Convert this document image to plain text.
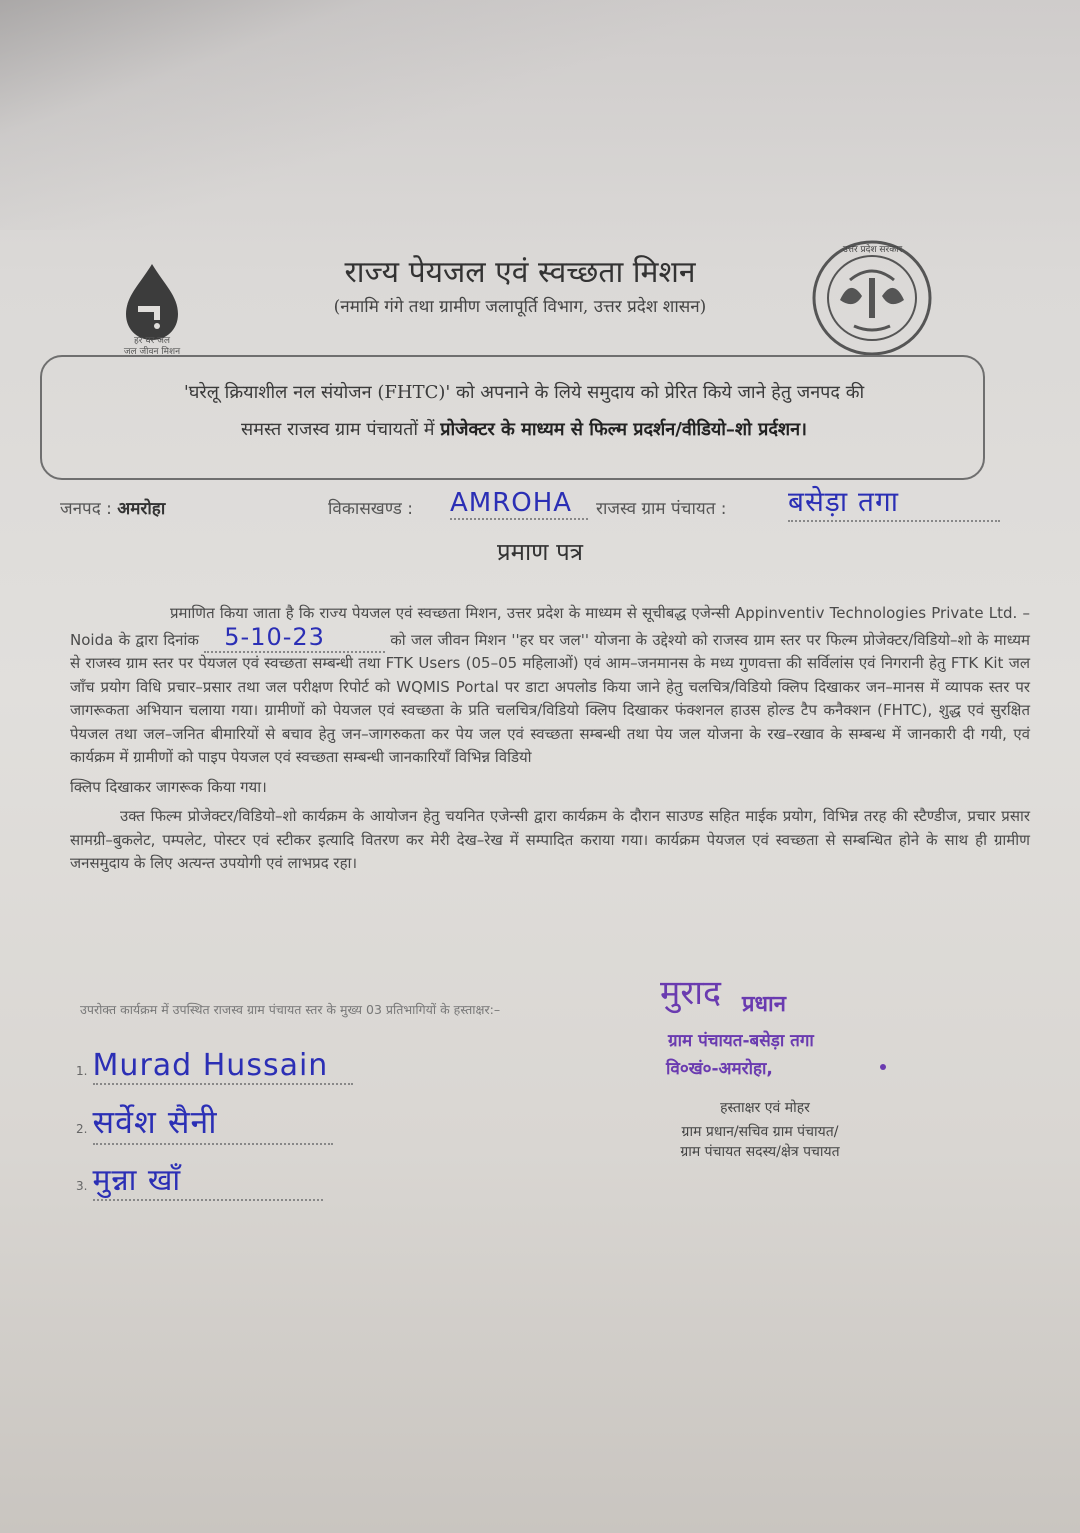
हर घर जल
जल जीवन मिशन
उत्तर प्रदेश सरकार
राज्य पेयजल एवं स्वच्छता मिशन
(नमामि गंगे तथा ग्रामीण जलापूर्ति विभाग, उत्तर प्रदेश शासन)
'घरेलू क्रियाशील नल संयोजन (FHTC)' को अपनाने के लिये समुदाय को प्रेरित किये जाने हेतु जनपद की
समस्त राजस्व ग्राम पंचायतों में प्रोजेक्टर के माध्यम से फिल्म प्रदर्शन/वीडियो–शो प्रर्दशन।
जनपद : अमरोहा	विकासखण्ड : AMROHA	राजस्व ग्राम पंचायत : बसेड़ा तगा
प्रमाण पत्र

प्रमाणित किया जाता है कि राज्य पेयजल एवं स्वच्छता मिशन, उत्तर प्रदेश के माध्यम से सूचीबद्ध एजेन्सी Appinventiv Technologies Private Ltd. – Noida के द्वारा दिनांक 5-10-23	को जल जीवन मिशन ''हर घर जल'' योजना के उद्देश्यो को राजस्व ग्राम स्तर पर फिल्म प्रोजेक्टर/विडियो–शो के माध्यम से राजस्व ग्राम स्तर पर पेयजल एवं स्वच्छता सम्बन्धी तथा FTK Users (05–05 महिलाओं) एवं आम–जनमानस के मध्य गुणवत्ता की सर्विलांस एवं निगरानी हेतु FTK Kit जल जाँच प्रयोग विधि प्रचार–प्रसार तथा जल परीक्षण रिपोर्ट को WQMIS Portal पर डाटा अपलोड किया जाने हेतु चलचित्र/विडियो क्लिप दिखाकर जन–मानस में व्यापक स्तर पर जागरूकता अभियान चलाया गया। ग्रामीणों को पेयजल एवं स्वच्छता के प्रति चलचित्र/विडियो क्लिप दिखाकर फंक्शनल हाउस होल्ड टैप कनैक्शन (FHTC), शुद्ध एवं सुरक्षित पेयजल तथा जल–जनित बीमारियों से बचाव हेतु जन–जागरुकता कर पेय जल एवं स्वच्छता सम्बन्धी तथा पेय जल योजना के रख–रखाव के सम्बन्ध में जानकारी दी गयी, एवं कार्यक्रम में ग्रामीणों को पाइप पेयजल एवं स्वच्छता सम्बन्धी जानकारियाँ विभिन्न विडियो

क्लिप दिखाकर जागरूक किया गया।

उक्त फिल्म प्रोजेक्टर/विडियो–शो कार्यक्रम के आयोजन हेतु चयनित एजेन्सी द्वारा कार्यक्रम के दौरान साउण्ड सहित माईक प्रयोग, विभिन्न तरह की स्टैण्डीज, प्रचार प्रसार सामग्री–बुकलेट, पम्पलेट, पोस्टर एवं स्टीकर इत्यादि वितरण कर मेरी देख–रेख में सम्पादित कराया गया। कार्यक्रम पेयजल एवं स्वच्छता से सम्बन्धित होने के साथ ही ग्रामीण जनसमुदाय के लिए अत्यन्त उपयोगी एवं लाभप्रद रहा।

उपरोक्त कार्यक्रम में उपस्थित राजस्व ग्राम पंचायत स्तर के मुख्य 03 प्रतिभागियों के हस्ताक्षर:–
1. Murad Hussain
2. सर्वेश सैनी
3. मुन्ना खाँ
मुराद प्रधान
ग्राम पंचायत-बसेड़ा तगा
वि०खं०-अमरोहा,
हस्ताक्षर एवं मोहर
ग्राम प्रधान/सचिव ग्राम पंचायत/
ग्राम पंचायत सदस्य/क्षेत्र पचायत
